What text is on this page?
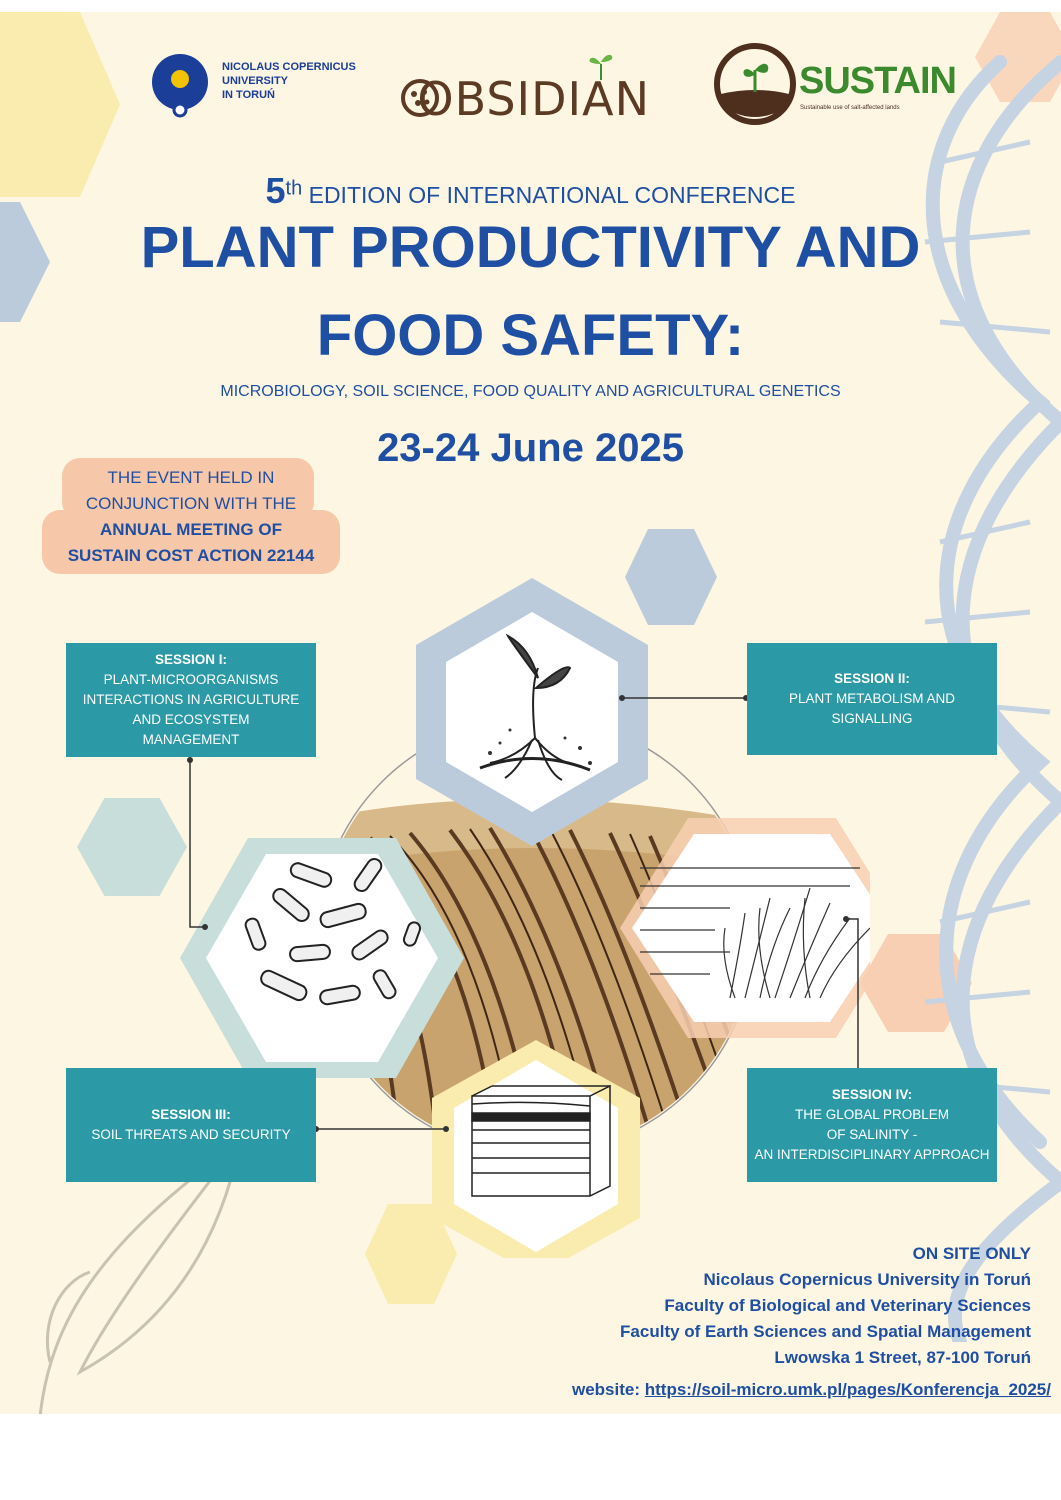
NICOLAUS COPERNICUS
UNIVERSITY
IN TORUŃ	OBSIDIAN	SUSTAIN
Sustainable use of salt-affected lands
5th EDITION OF INTERNATIONAL CONFERENCE
PLANT PRODUCTIVITY AND
FOOD SAFETY:
MICROBIOLOGY, SOIL SCIENCE, FOOD QUALITY AND AGRICULTURAL GENETICS
23-24 June 2025
THE EVENT HELD IN
CONJUNCTION WITH THE
ANNUAL MEETING OF
SUSTAIN COST ACTION 22144
SESSION I:
PLANT-MICROORGANISMS
INTERACTIONS IN AGRICULTURE
AND ECOSYSTEM
MANAGEMENT
SESSION II:
PLANT METABOLISM AND
SIGNALLING
SESSION III:
SOIL THREATS AND SECURITY
SESSION IV:
THE GLOBAL PROBLEM
OF SALINITY -
AN INTERDISCIPLINARY APPROACH
ON SITE ONLY
Nicolaus Copernicus University in Toruń
Faculty of Biological and Veterinary Sciences
Faculty of Earth Sciences and Spatial Management
Lwowska 1 Street, 87-100 Toruń
website: https://soil-micro.umk.pl/pages/Konferencja_2025/
